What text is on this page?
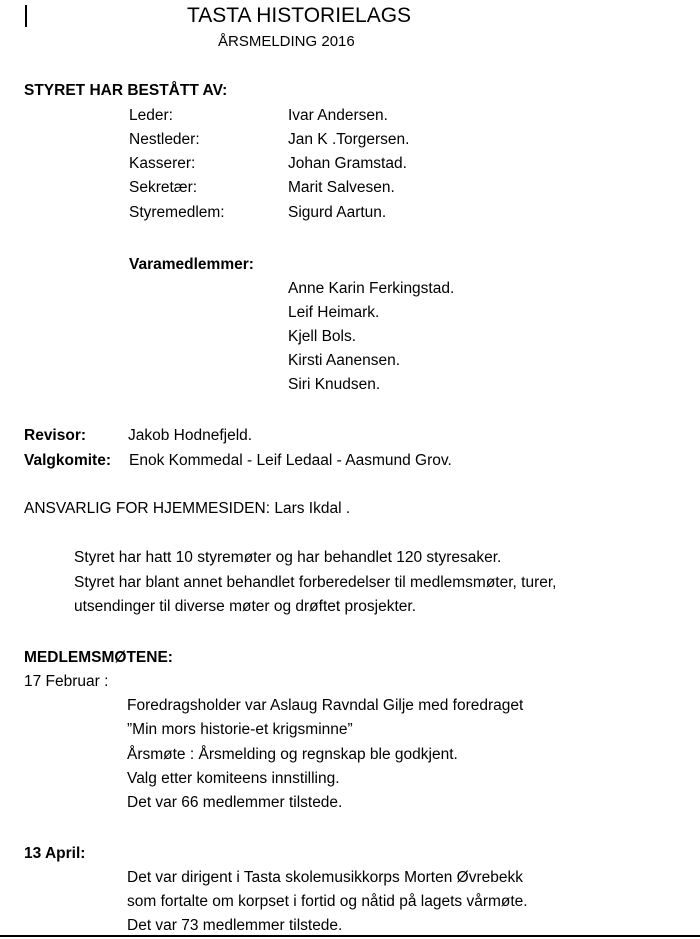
TASTA HISTORIELAGS
ÅRSMELDING 2016
STYRET HAR BESTÅTT AV:
Leder:	Ivar Andersen.
Nestleder:	Jan K .Torgersen.
Kasserer:	Johan Gramstad.
Sekretær:	Marit Salvesen.
Styremedlem:	Sigurd Aartun.
Varamedlemmer:
Anne Karin Ferkingstad.
Leif Heimark.
Kjell Bols.
Kirsti Aanensen.
Siri Knudsen.
Revisor:	Jakob Hodnefjeld.
Valgkomite: Enok Kommedal - Leif Ledaal - Aasmund Grov.
ANSVARLIG FOR HJEMMESIDEN: Lars Ikdal .
Styret har hatt 10 styremøter og har behandlet 120 styresaker.
Styret har blant annet behandlet forberedelser til medlemsmøter, turer,
utsendinger til diverse møter og drøftet prosjekter.
MEDLEMSMØTENE:
17 Februar :
Foredragsholder var Aslaug Ravndal Gilje med foredraget
”Min mors historie-et krigsminne”
Årsmøte : Årsmelding og regnskap ble godkjent.
Valg etter komiteens innstilling.
Det var 66 medlemmer tilstede.
13 April:
Det var dirigent i Tasta skolemusikkorps Morten Øvrebekk
som fortalte om korpset i fortid og nåtid på lagets vårmøte.
Det var 73 medlemmer tilstede.
